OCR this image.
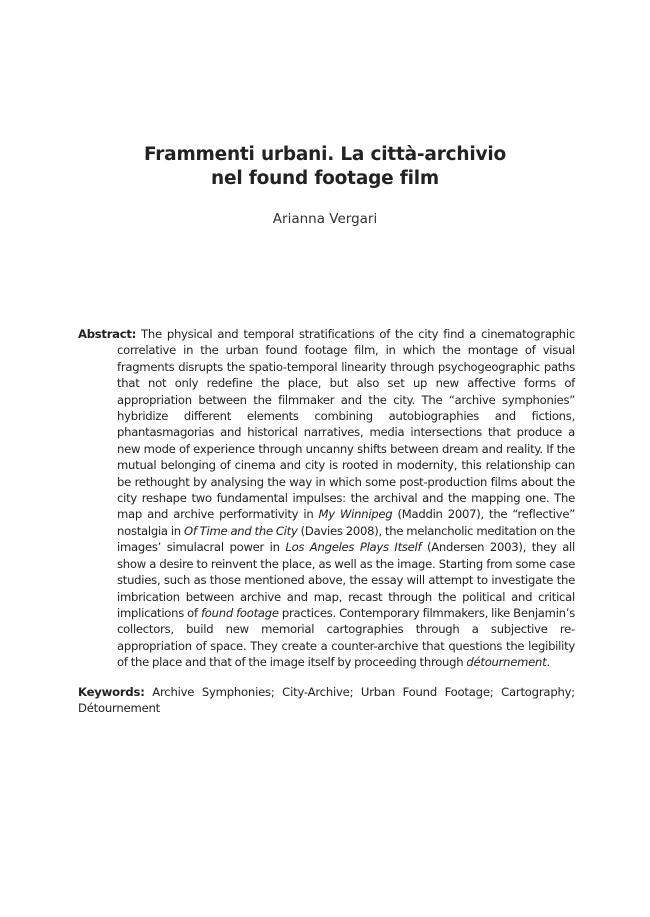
Frammenti urbani. La città-archivio
nel found footage film
Arianna Vergari
Abstract: The physical and temporal stratifications of the city find a cinematographic correlative in the urban found footage film, in which the montage of visual fragments disrupts the spatio-temporal linearity through psychogeographic paths that not only redefine the place, but also set up new affective forms of appropriation between the filmmaker and the city. The “archive symphonies” hybridize different elements combining autobiographies and fictions, phantasmagorias and historical narratives, media intersections that produce a new mode of experience through uncanny shifts between dream and reality. If the mutual belonging of cinema and city is rooted in modernity, this relationship can be rethought by analysing the way in which some post-production films about the city reshape two fundamental impulses: the archival and the mapping one. The map and archive performativity in My Winnipeg (Maddin 2007), the “reflective” nostalgia in Of Time and the City (Davies 2008), the melancholic meditation on the images’ simulacral power in Los Angeles Plays Itself (Andersen 2003), they all show a desire to reinvent the place, as well as the image. Starting from some case studies, such as those mentioned above, the essay will attempt to investigate the imbrication between archive and map, recast through the political and critical implications of found footage practices. Contemporary filmmakers, like Benjamin’s collectors, build new memorial cartographies through a subjective re-appropriation of space. They create a counter-archive that questions the legibility of the place and that of the image itself by proceeding through détournement.
Keywords: Archive Symphonies; City-Archive; Urban Found Footage; Cartography; Détournement
